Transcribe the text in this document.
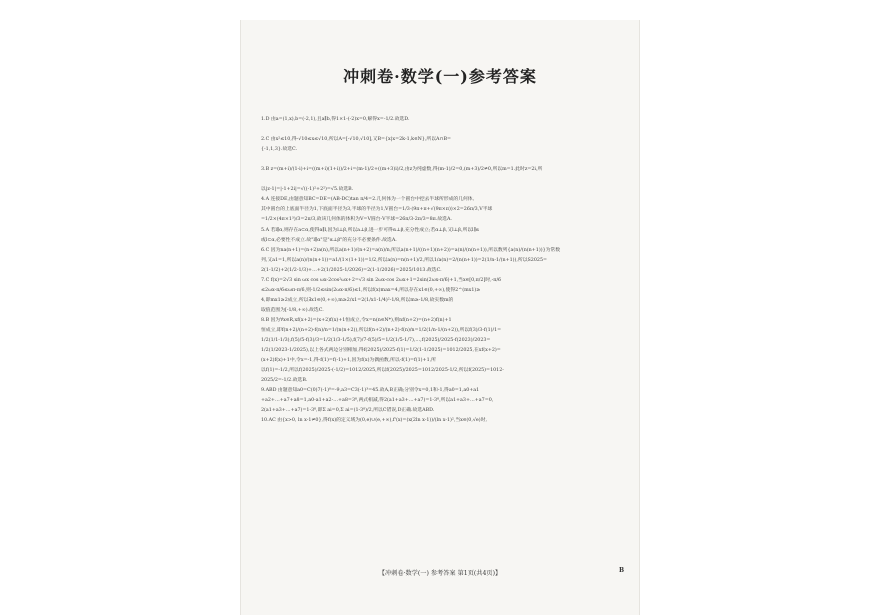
冲刺卷·数学(一)参考答案
1.D 由a=(1,x),b=(-2,1),且a∥b,得1×1-(-2)x=0,解得x=-1/2.故选D.
2.C 由x²≤10,得-√10≤x≤√10,所以A=[-√10,√10],又B={x|x=2k-1,k∈N},所以A∩B=
{-1,1,3}.故选C.
3.B z=(m+i)/(1-i)+i=((m+i)(1+i))/2+i=(m-1)/2+((m+3)i)/2,由z为纯虚数,得(m-1)/2=0,(m+3)/2≠0,所以m=1.此时z=2i,所
以|z-1|=|-1+2i|=√((-1)²+2²)=√5.故选B.
4.A 连接DE,由题意知BC=DE=(AB-DC)tan π/4=2.几何体为一个圆台中挖去半球所形成的几何体,
其中圆台的上底面半径为1,下底面半径为3,半球的半径为1,V圆台=1/3·(9π+π+√(9π×π))×2=26π/3,V半球
=1/2×(4π×1³)/3=2π/3,故该几何体的体积为V=V圆台-V半球=26π/3-2π/3=8π.故选A.
5.A 若l∥α,则存在a⊂α,使得a∥l,因为l⊥β,所以a⊥β,进一步可得α⊥β,充分性成立;若α⊥β,又l⊥β,所以l∥α
或l⊂α,必要性不成立.故"l∥α"是"α⊥β"的充分不必要条件.故选A.
6.C 因为na(n+1)=(n+2)a(n),所以a(n+1)/(n+2)=a(n)/n,所以a(n+1)/((n+1)(n+2))=a(n)/(n(n+1)),所以数列{a(n)/(n(n+1))}为常数
列,又a1=1,所以a(n)/(n(n+1))=a1/(1×(1+1))=1/2,所以a(n)=n(n+1)/2,所以1/a(n)=2/(n(n+1))=2(1/n-1/(n+1)),所以S2025=
2(1-1/2)+2(1/2-1/3)+…+2(1/2025-1/2026)=2(1-1/2026)=2025/1013.故选C.
7.C f(x)=2√3 sin ωx cos ωx-2cos²ωx+2=√3 sin 2ωx-cos 2ωx+1=2sin(2ωx-π/6)+1,当x∈[0,π/2]时,-π/6
≤2ωx-π/6≤ωπ-π/6,则-1/2≤sin(2ωx-π/6)≤1,所以f(x)max=4,所以存在x1∈(0,+∞),使得2^(mx1)≥
4,即mx1≥2成立,所以∃x1∈(0,+∞),m≥2/x1=2(1/x1-1/4)²-1/8,所以m≥-1/8,故实数m的
取值范围为[-1/8,+∞).故选C.
8.B 因为∀x∈R,xf(x+2)=(x+2)f(x)+1恒成立,令x=n(n∈N*),则nf(n+2)=(n+2)f(n)+1
恒成立,即f(n+2)/(n+2)-f(n)/n=1/(n(n+2)),所以f(n+2)/(n+2)-f(n)/n=1/2(1/n-1/(n+2)),所以f(3)/3-f(1)/1=
1/2(1/1-1/3),f(5)/5-f(3)/3=1/2(1/3-1/5),f(7)/7-f(5)/5=1/2(1/5-1/7),…,f(2025)/2025-f(2023)/2023=
1/2(1/2023-1/2025),以上各式两边分别相加,得f(2025)/2025-f(1)=1/2(1-1/2025)=1012/2025,在xf(x+2)=
(x+2)f(x)+1中,令x=-1,得-f(1)=f(-1)+1,因为f(x)为偶函数,所以-f(1)=f(1)+1,所
以f(1)=-1/2,所以f(2025)/2025-(-1/2)=1012/2025,所以f(2025)/2025=1012/2025-1/2,所以f(2025)=1012-
2025/2=-1/2.故选B.
9.ABD 由题意知a0=C(0)7(-1)⁰=-9,a3=C3(-1)³=45.故A,B正确;分别令x=0,1和-1,得a0=1,a0+a1
+a2+…+a7+a8=1,a0-a1+a2-…+a8=3⁸,两式相减,得2(a1+a3+…+a7)=1-3⁸,所以a1+a3+…+a7=0,
2(a1+a3+…+a7)=1-3⁸,即Σ ai=0,Σ ai=(1-3⁸)/2,所以C错误,D正确.故选ABD.
10.AC 由{x>0, ln x-1≠0},得f(x)的定义域为(0,e)∪(e,+∞),f'(x)=(x(2ln x-1))/(ln x-1)²,当x∈(0,√e)时,
【冲刺卷·数学(一) 参考答案 第1页(共4页)】	B
